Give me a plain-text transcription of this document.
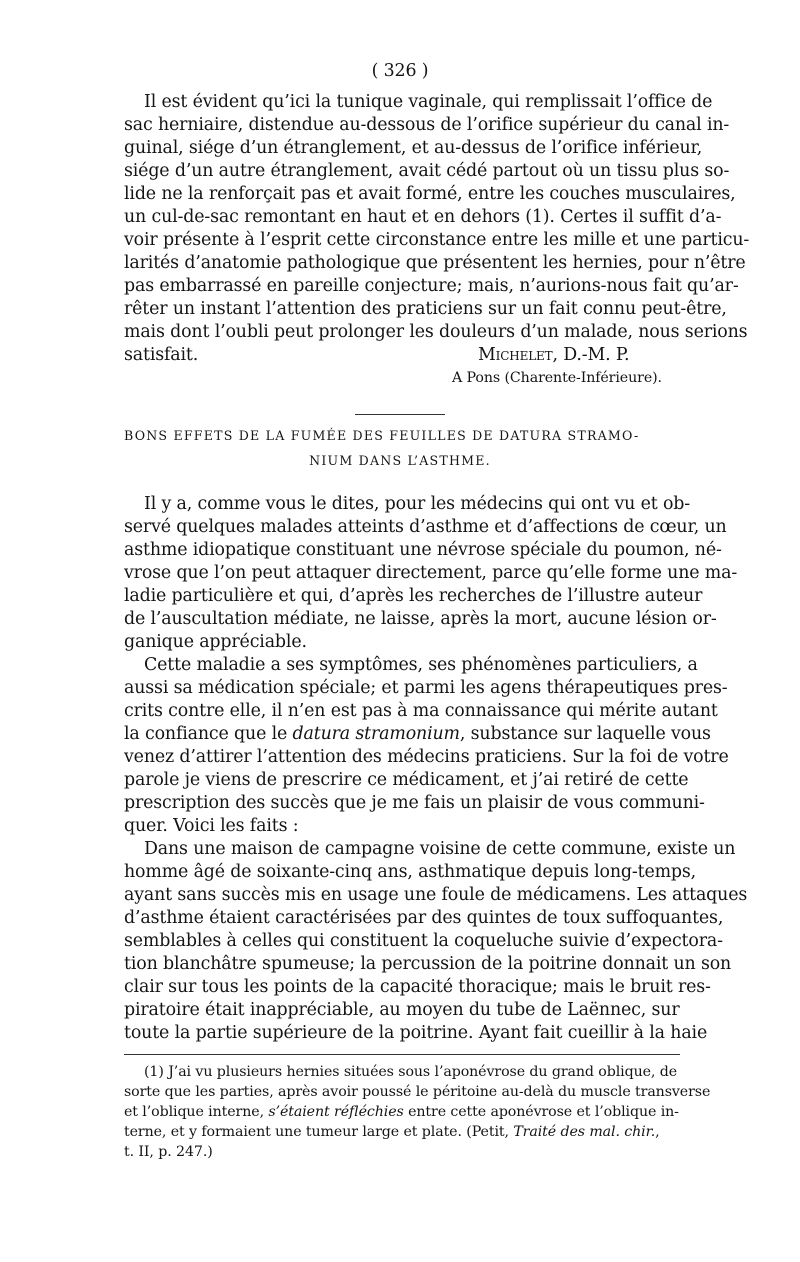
( 326 )
Il est évident qu’ici la tunique vaginale, qui remplissait l’office de
sac herniaire, distendue au-dessous de l’orifice supérieur du canal in-
guinal, siége d’un étranglement, et au-dessus de l’orifice inférieur,
siége d’un autre étranglement, avait cédé partout où un tissu plus so-
lide ne la renforçait pas et avait formé, entre les couches musculaires,
un cul-de-sac remontant en haut et en dehors (1). Certes il suffit d’a-
voir présente à l’esprit cette circonstance entre les mille et une particu-
larités d’anatomie pathologique que présentent les hernies, pour n’être
pas embarrassé en pareille conjecture; mais, n’aurions-nous fait qu’ar-
rêter un instant l’attention des praticiens sur un fait connu peut-être,
mais dont l’oubli peut prolonger les douleurs d’un malade, nous serions
satisfait.	Michelet, D.-M. P.
A Pons (Charente-Inférieure).
BONS EFFETS DE LA FUMÉE DES FEUILLES DE DATURA STRAMO-
NIUM DANS L’ASTHME.
Il y a, comme vous le dites, pour les médecins qui ont vu et ob-
servé quelques malades atteints d’asthme et d’affections de cœur, un
asthme idiopatique constituant une névrose spéciale du poumon, né-
vrose que l’on peut attaquer directement, parce qu’elle forme une ma-
ladie particulière et qui, d’après les recherches de l’illustre auteur
de l’auscultation médiate, ne laisse, après la mort, aucune lésion or-
ganique appréciable.
Cette maladie a ses symptômes, ses phénomènes particuliers, a
aussi sa médication spéciale; et parmi les agens thérapeutiques pres-
crits contre elle, il n’en est pas à ma connaissance qui mérite autant
la confiance que le datura stramonium, substance sur laquelle vous
venez d’attirer l’attention des médecins praticiens. Sur la foi de votre
parole je viens de prescrire ce médicament, et j’ai retiré de cette
prescription des succès que je me fais un plaisir de vous communi-
quer. Voici les faits :
Dans une maison de campagne voisine de cette commune, existe un
homme âgé de soixante-cinq ans, asthmatique depuis long-temps,
ayant sans succès mis en usage une foule de médicamens. Les attaques
d’asthme étaient caractérisées par des quintes de toux suffoquantes,
semblables à celles qui constituent la coqueluche suivie d’expectora-
tion blanchâtre spumeuse; la percussion de la poitrine donnait un son
clair sur tous les points de la capacité thoracique; mais le bruit res-
piratoire était inappréciable, au moyen du tube de Laënnec, sur
toute la partie supérieure de la poitrine. Ayant fait cueillir à la haie
(1) J’ai vu plusieurs hernies situées sous l’aponévrose du grand oblique, de
sorte que les parties, après avoir poussé le péritoine au-delà du muscle transverse
et l’oblique interne, s’étaient réfléchies entre cette aponévrose et l’oblique in-
terne, et y formaient une tumeur large et plate. (Petit, Traité des mal. chir.,
t. II, p. 247.)
